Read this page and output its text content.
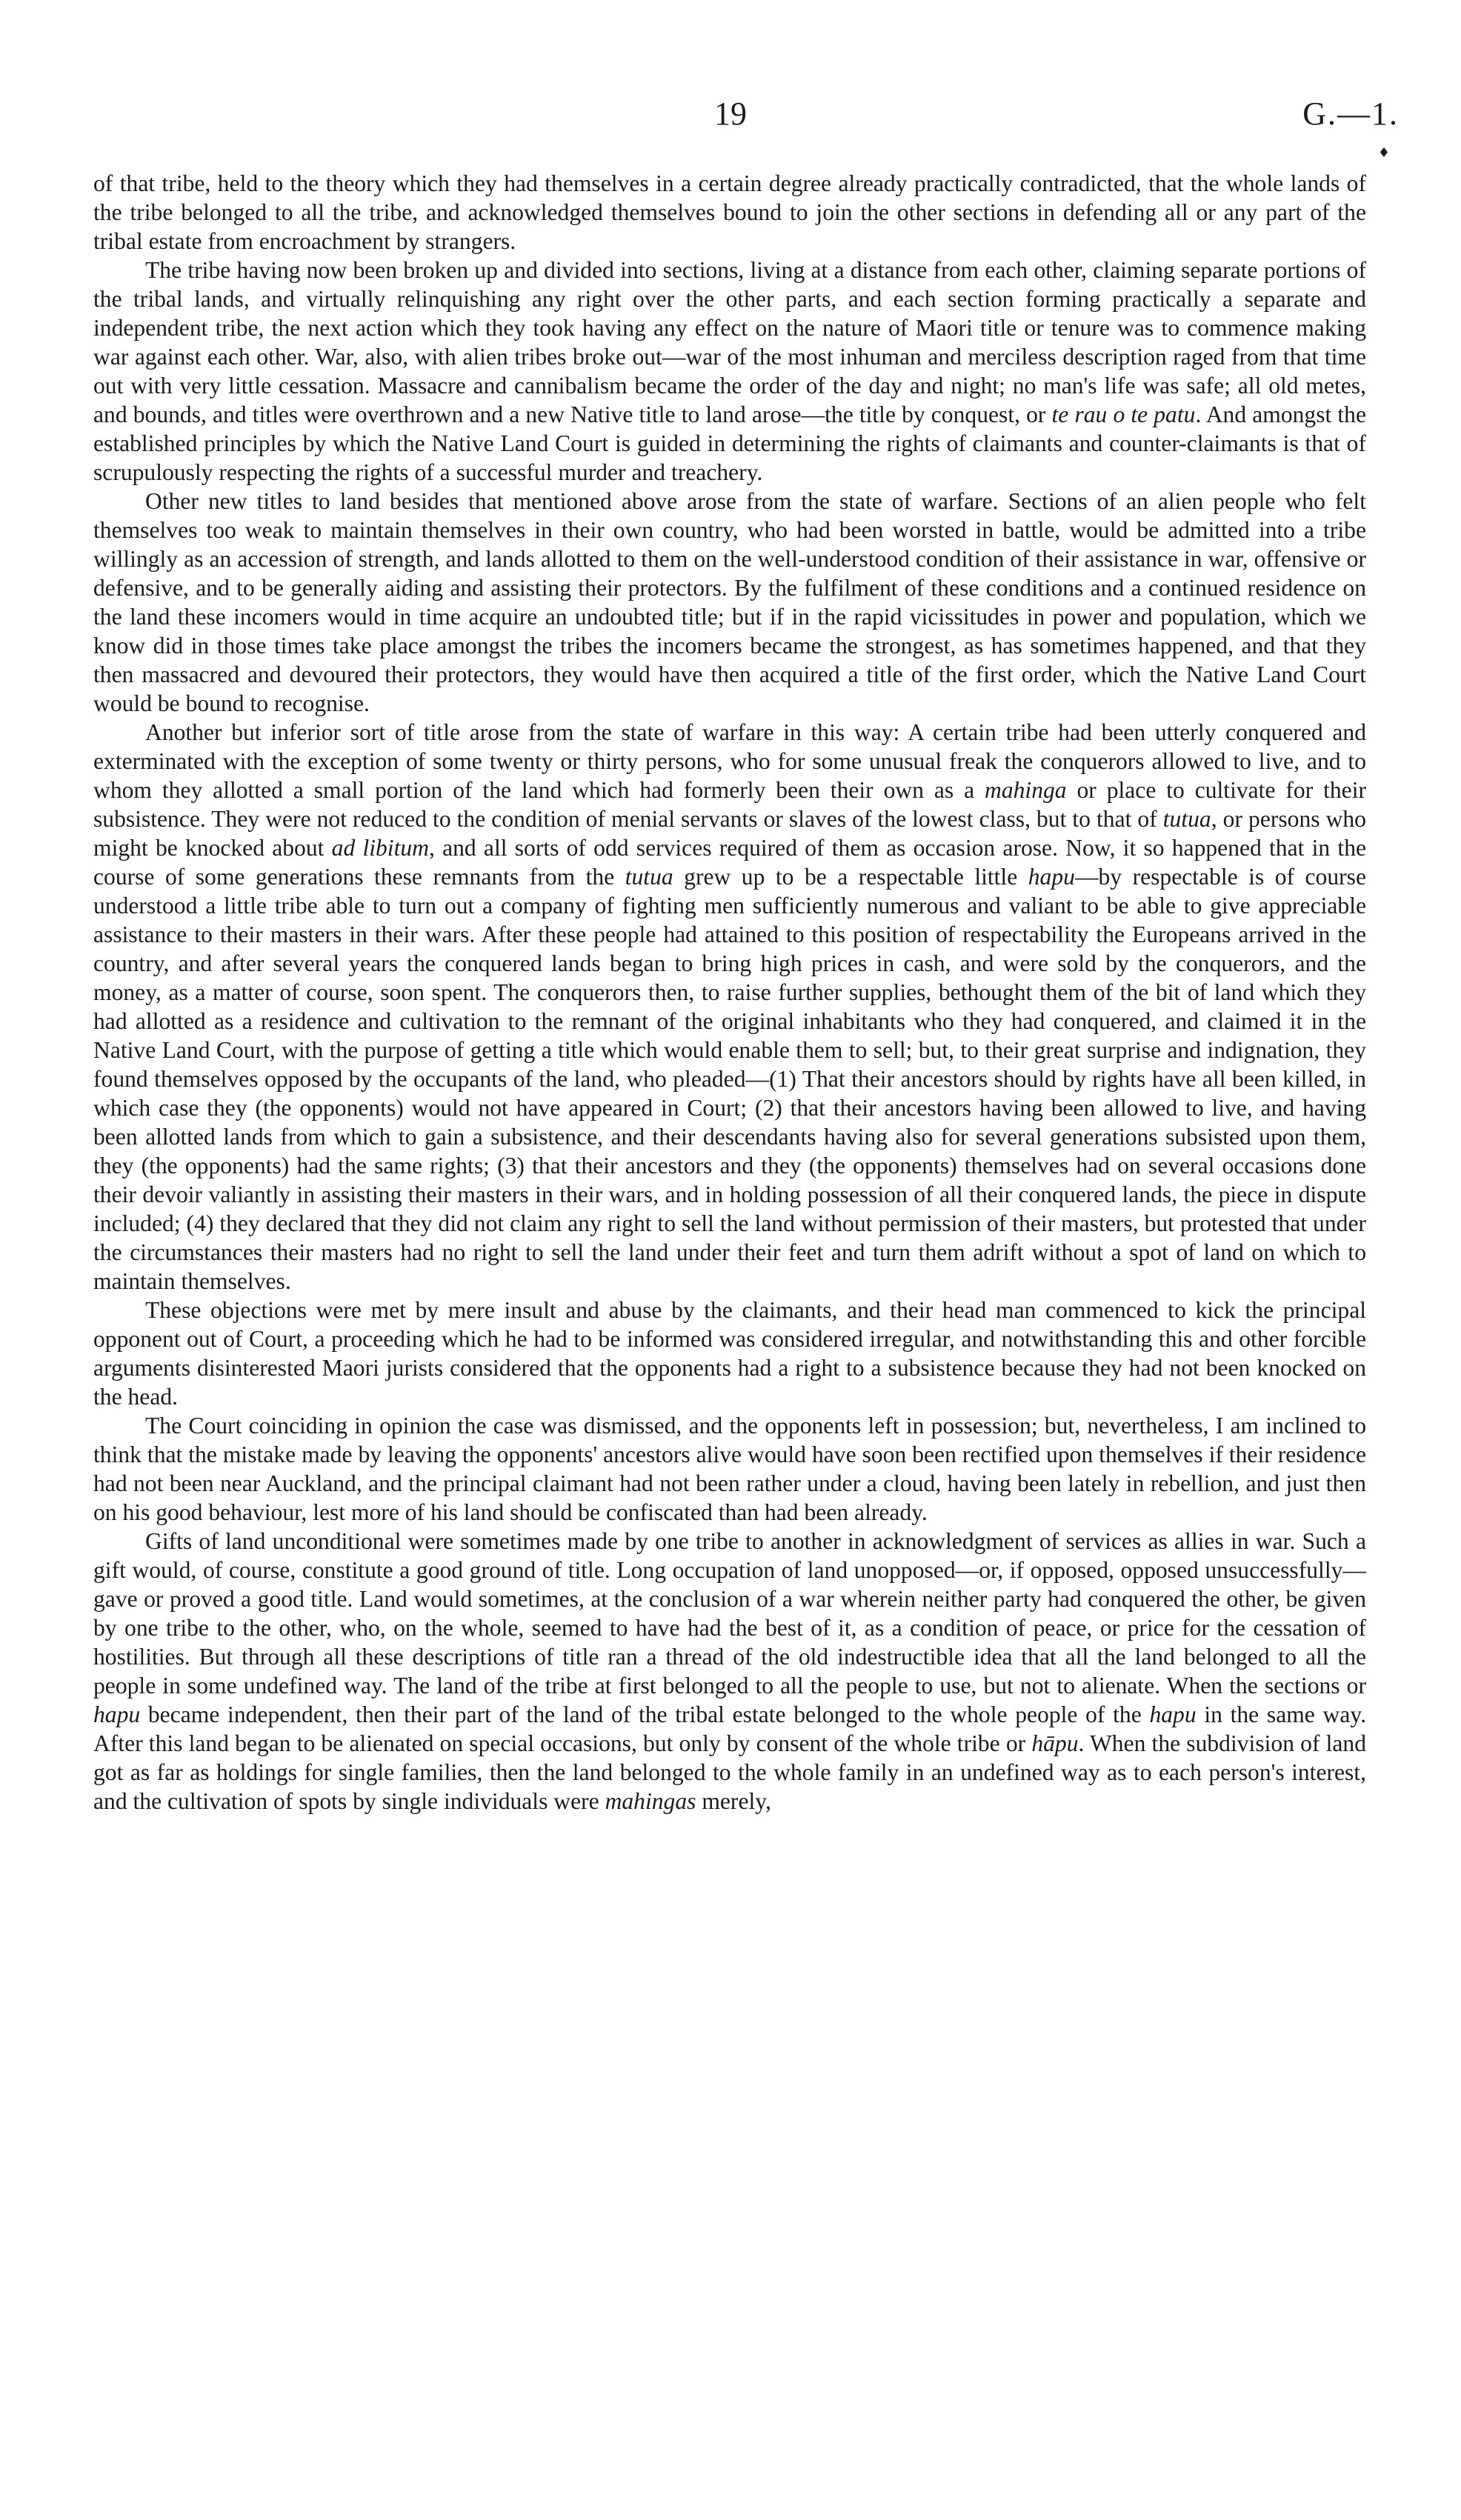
19	G.—1.
♦

of that tribe, held to the theory which they had themselves in a certain degree already practically contradicted, that the whole lands of the tribe belonged to all the tribe, and acknowledged themselves bound to join the other sections in defending all or any part of the tribal estate from encroachment by strangers.

The tribe having now been broken up and divided into sections, living at a distance from each other, claiming separate portions of the tribal lands, and virtually relinquishing any right over the other parts, and each section forming practically a separate and independent tribe, the next action which they took having any effect on the nature of Maori title or tenure was to commence making war against each other. War, also, with alien tribes broke out—war of the most inhuman and merciless description raged from that time out with very little cessation. Massacre and cannibalism became the order of the day and night; no man's life was safe; all old metes, and bounds, and titles were overthrown and a new Native title to land arose—the title by conquest, or te rau o te patu. And amongst the established principles by which the Native Land Court is guided in determining the rights of claimants and counter-claimants is that of scrupulously respecting the rights of a successful murder and treachery.

Other new titles to land besides that mentioned above arose from the state of warfare. Sections of an alien people who felt themselves too weak to maintain themselves in their own country, who had been worsted in battle, would be admitted into a tribe willingly as an accession of strength, and lands allotted to them on the well-understood condition of their assistance in war, offensive or defensive, and to be generally aiding and assisting their protectors. By the fulfilment of these conditions and a continued residence on the land these incomers would in time acquire an undoubted title; but if in the rapid vicissitudes in power and population, which we know did in those times take place amongst the tribes the incomers became the strongest, as has sometimes happened, and that they then massacred and devoured their protectors, they would have then acquired a title of the first order, which the Native Land Court would be bound to recognise.

Another but inferior sort of title arose from the state of warfare in this way: A certain tribe had been utterly conquered and exterminated with the exception of some twenty or thirty persons, who for some unusual freak the conquerors allowed to live, and to whom they allotted a small portion of the land which had formerly been their own as a mahinga or place to cultivate for their subsistence. They were not reduced to the condition of menial servants or slaves of the lowest class, but to that of tutua, or persons who might be knocked about ad libitum, and all sorts of odd services required of them as occasion arose. Now, it so happened that in the course of some generations these remnants from the tutua grew up to be a respectable little hapu—by respectable is of course understood a little tribe able to turn out a company of fighting men sufficiently numerous and valiant to be able to give appreciable assistance to their masters in their wars. After these people had attained to this position of respectability the Europeans arrived in the country, and after several years the conquered lands began to bring high prices in cash, and were sold by the conquerors, and the money, as a matter of course, soon spent. The conquerors then, to raise further supplies, bethought them of the bit of land which they had allotted as a residence and cultivation to the remnant of the original inhabitants who they had conquered, and claimed it in the Native Land Court, with the purpose of getting a title which would enable them to sell; but, to their great surprise and indignation, they found themselves opposed by the occupants of the land, who pleaded—(1) That their ancestors should by rights have all been killed, in which case they (the opponents) would not have appeared in Court; (2) that their ancestors having been allowed to live, and having been allotted lands from which to gain a subsistence, and their descendants having also for several generations subsisted upon them, they (the opponents) had the same rights; (3) that their ancestors and they (the opponents) themselves had on several occasions done their devoir valiantly in assisting their masters in their wars, and in holding possession of all their conquered lands, the piece in dispute included; (4) they declared that they did not claim any right to sell the land without permission of their masters, but protested that under the circumstances their masters had no right to sell the land under their feet and turn them adrift without a spot of land on which to maintain themselves.

These objections were met by mere insult and abuse by the claimants, and their head man commenced to kick the principal opponent out of Court, a proceeding which he had to be informed was considered irregular, and notwithstanding this and other forcible arguments disinterested Maori jurists considered that the opponents had a right to a subsistence because they had not been knocked on the head.

The Court coinciding in opinion the case was dismissed, and the opponents left in possession; but, nevertheless, I am inclined to think that the mistake made by leaving the opponents' ancestors alive would have soon been rectified upon themselves if their residence had not been near Auckland, and the principal claimant had not been rather under a cloud, having been lately in rebellion, and just then on his good behaviour, lest more of his land should be confiscated than had been already.

Gifts of land unconditional were sometimes made by one tribe to another in acknowledgment of services as allies in war. Such a gift would, of course, constitute a good ground of title. Long occupation of land unopposed—or, if opposed, opposed unsuccessfully—gave or proved a good title. Land would sometimes, at the conclusion of a war wherein neither party had conquered the other, be given by one tribe to the other, who, on the whole, seemed to have had the best of it, as a condition of peace, or price for the cessation of hostilities. But through all these descriptions of title ran a thread of the old indestructible idea that all the land belonged to all the people in some undefined way. The land of the tribe at first belonged to all the people to use, but not to alienate. When the sections or hapu became independent, then their part of the land of the tribal estate belonged to the whole people of the hapu in the same way. After this land began to be alienated on special occasions, but only by consent of the whole tribe or hāpu. When the subdivision of land got as far as holdings for single families, then the land belonged to the whole family in an undefined way as to each person's interest, and the cultivation of spots by single individuals were mahingas merely,
